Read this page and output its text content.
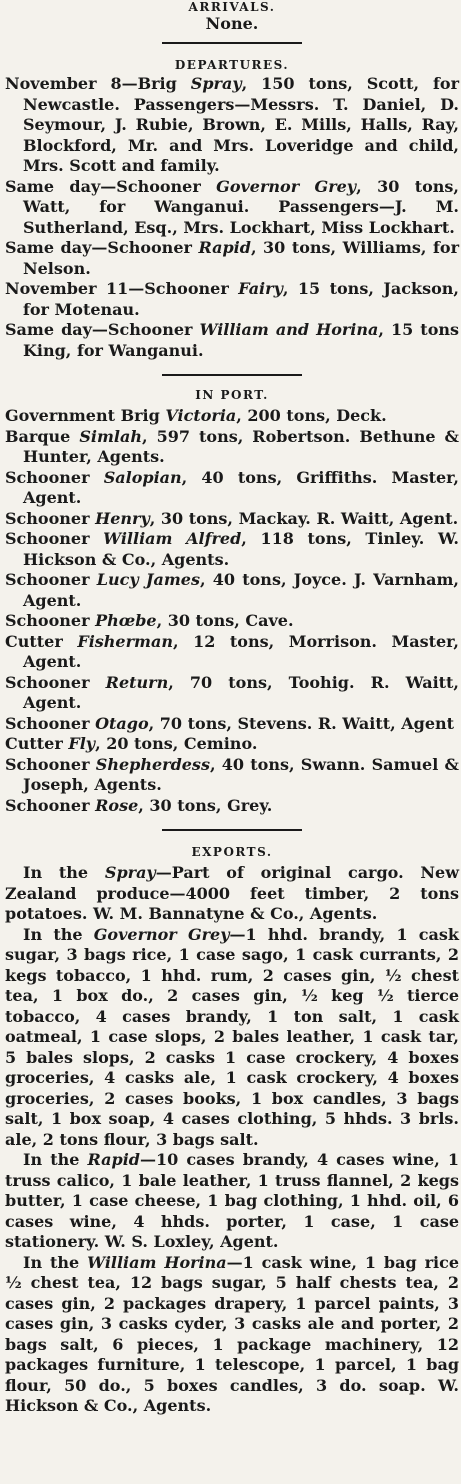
ARRIVALS.
None.
DEPARTURES.
November 8—Brig Spray, 150 tons, Scott, for Newcastle. Passengers—Messrs. T. Daniel, D. Seymour, J. Rubie, Brown, E. Mills, Halls, Ray, Blockford, Mr. and Mrs. Loveridge and child, Mrs. Scott and family.
Same day—Schooner Governor Grey, 30 tons, Watt, for Wanganui. Passengers—J. M. Sutherland, Esq., Mrs. Lockhart, Miss Lockhart.
Same day—Schooner Rapid, 30 tons, Williams, for Nelson.
November 11—Schooner Fairy, 15 tons, Jackson, for Motenau.
Same day—Schooner William and Horina, 15 tons King, for Wanganui.
IN PORT.
Government Brig Victoria, 200 tons, Deck.
Barque Simlah, 597 tons, Robertson. Bethune & Hunter, Agents.
Schooner Salopian, 40 tons, Griffiths. Master, Agent.
Schooner Henry, 30 tons, Mackay. R. Waitt, Agent.
Schooner William Alfred, 118 tons, Tinley. W. Hickson & Co., Agents.
Schooner Lucy James, 40 tons, Joyce. J. Varnham, Agent.
Schooner Phœbe, 30 tons, Cave.
Cutter Fisherman, 12 tons, Morrison. Master, Agent.
Schooner Return, 70 tons, Toohig. R. Waitt, Agent.
Schooner Otago, 70 tons, Stevens. R. Waitt, Agent
Cutter Fly, 20 tons, Cemino.
Schooner Shepherdess, 40 tons, Swann. Samuel & Joseph, Agents.
Schooner Rose, 30 tons, Grey.
EXPORTS.
In the Spray—Part of original cargo. New Zealand produce—4000 feet timber, 2 tons potatoes. W. M. Bannatyne & Co., Agents.
In the Governor Grey—1 hhd. brandy, 1 cask sugar, 3 bags rice, 1 case sago, 1 cask currants, 2 kegs tobacco, 1 hhd. rum, 2 cases gin, ½ chest tea, 1 box do., 2 cases gin, ½ keg ½ tierce tobacco, 4 cases brandy, 1 ton salt, 1 cask oatmeal, 1 case slops, 2 bales leather, 1 cask tar, 5 bales slops, 2 casks 1 case crockery, 4 boxes groceries, 4 casks ale, 1 cask crockery, 4 boxes groceries, 2 cases books, 1 box candles, 3 bags salt, 1 box soap, 4 cases clothing, 5 hhds. 3 brls. ale, 2 tons flour, 3 bags salt.
In the Rapid—10 cases brandy, 4 cases wine, 1 truss calico, 1 bale leather, 1 truss flannel, 2 kegs butter, 1 case cheese, 1 bag clothing, 1 hhd. oil, 6 cases wine, 4 hhds. porter, 1 case, 1 case stationery. W. S. Loxley, Agent.
In the William Horina—1 cask wine, 1 bag rice ½ chest tea, 12 bags sugar, 5 half chests tea, 2 cases gin, 2 packages drapery, 1 parcel paints, 3 cases gin, 3 casks cyder, 3 casks ale and porter, 2 bags salt, 6 pieces, 1 package machinery, 12 packages furniture, 1 telescope, 1 parcel, 1 bag flour, 50 do., 5 boxes candles, 3 do. soap. W. Hickson & Co., Agents.
